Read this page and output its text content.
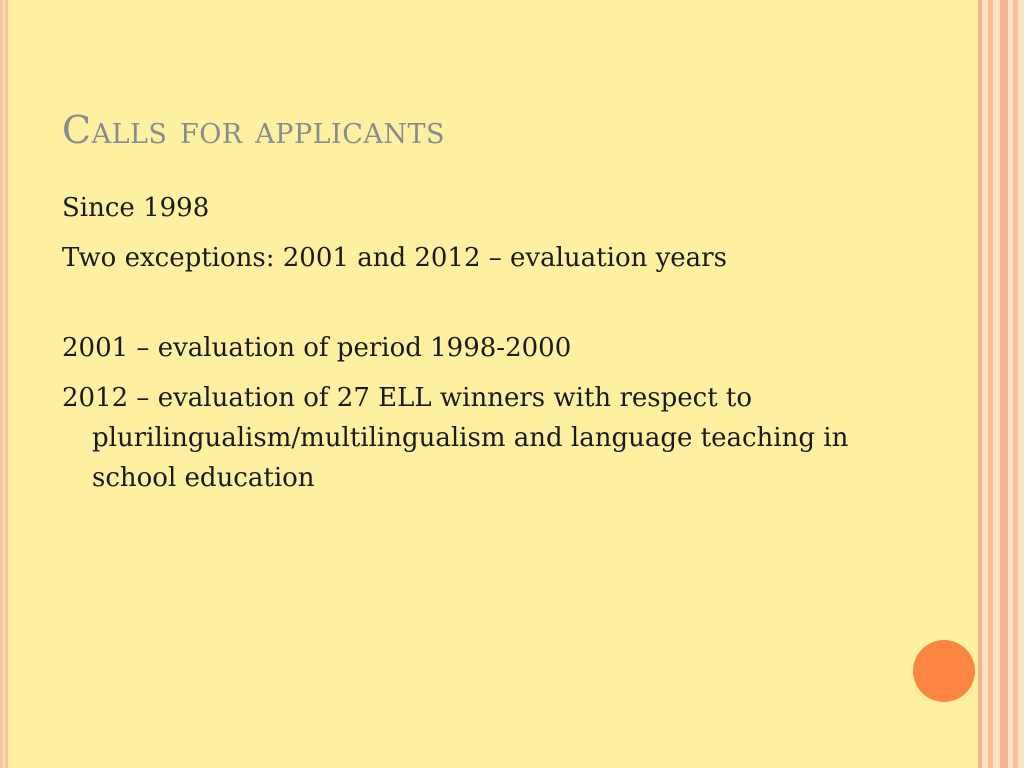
Calls for applicants

Since 1998

Two exceptions: 2001 and 2012 – evaluation years

2001 – evaluation of period 1998-2000

2012 – evaluation of 27 ELL winners with respect to plurilingualism/multilingualism and language teaching in school education
